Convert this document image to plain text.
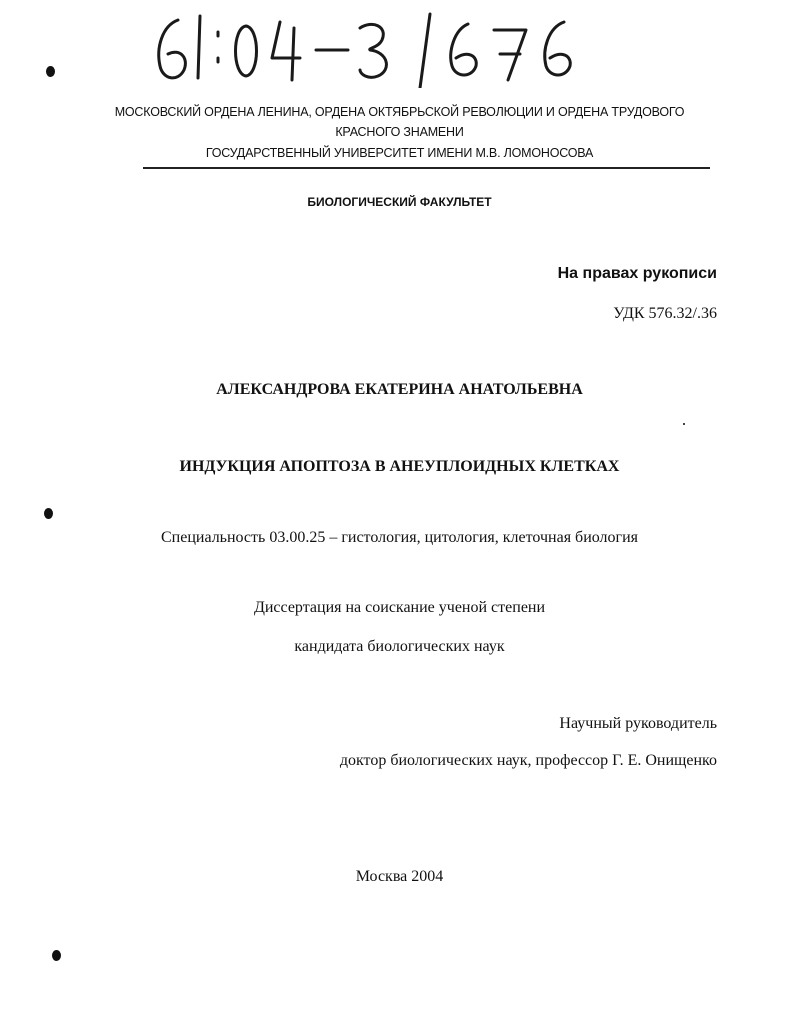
МОСКОВСКИЙ ОРДЕНА ЛЕНИНА, ОРДЕНА ОКТЯБРЬСКОЙ РЕВОЛЮЦИИ И ОРДЕНА ТРУДОВОГО
КРАСНОГО ЗНАМЕНИ
ГОСУДАРСТВЕННЫЙ УНИВЕРСИТЕТ ИМЕНИ М.В. ЛОМОНОСОВА
БИОЛОГИЧЕСКИЙ ФАКУЛЬТЕТ
На правах рукописи
УДК 576.32/.36
АЛЕКСАНДРОВА ЕКАТЕРИНА АНАТОЛЬЕВНА
ИНДУКЦИЯ АПОПТОЗА В АНЕУПЛОИДНЫХ КЛЕТКАХ
Специальность 03.00.25 – гистология, цитология, клеточная биология
Диссертация на соискание ученой степени
кандидата биологических наук
Научный руководитель
доктор биологических наук, профессор Г. Е. Онищенко
Москва 2004
